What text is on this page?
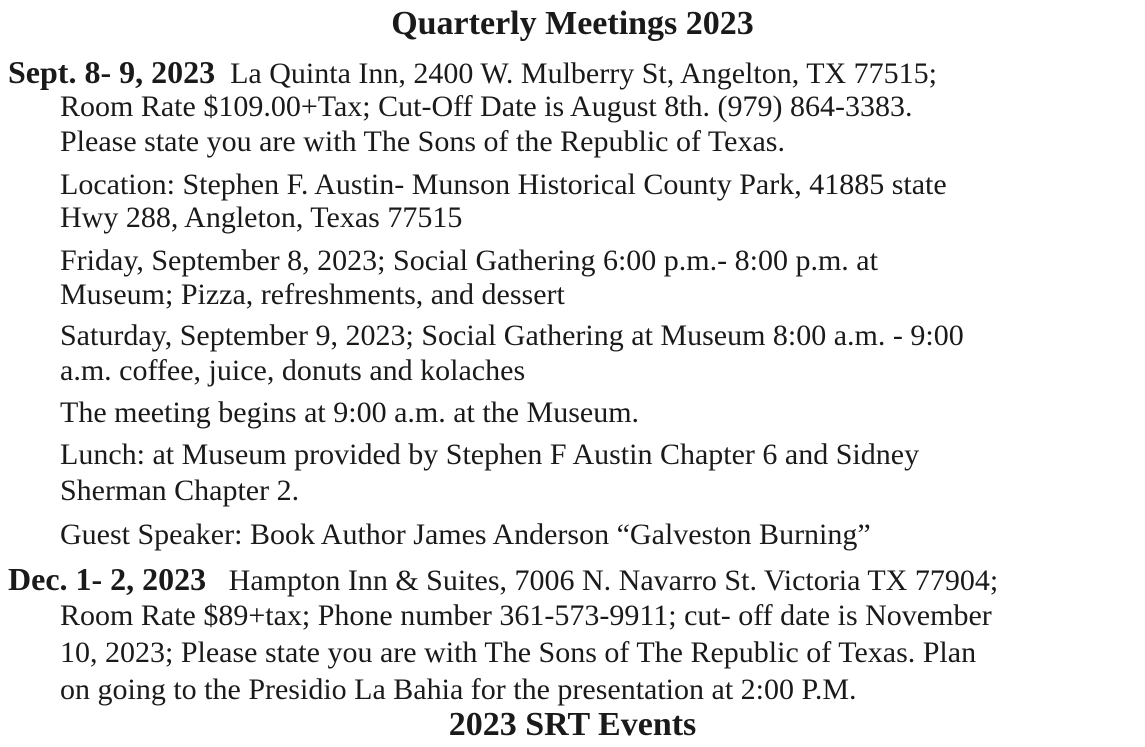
Quarterly Meetings 2023
Sept. 8- 9, 2023 La Quinta Inn, 2400 W. Mulberry St, Angelton, TX 77515;
Room Rate $109.00+Tax; Cut-Off Date is August 8th. (979) 864-3383.
Please state you are with The Sons of the Republic of Texas.
Location: Stephen F. Austin- Munson Historical County Park, 41885 state
Hwy 288, Angleton, Texas 77515
Friday, September 8, 2023; Social Gathering 6:00 p.m.- 8:00 p.m. at
Museum; Pizza, refreshments, and dessert
Saturday, September 9, 2023; Social Gathering at Museum 8:00 a.m. - 9:00
a.m. coffee, juice, donuts and kolaches
The meeting begins at 9:00 a.m. at the Museum.
Lunch: at Museum provided by Stephen F Austin Chapter 6 and Sidney
Sherman Chapter 2.
Guest Speaker: Book Author James Anderson “Galveston Burning”
Dec. 1- 2, 2023 Hampton Inn & Suites, 7006 N. Navarro St. Victoria TX 77904;
Room Rate $89+tax; Phone number 361-573-9911; cut- off date is November
10, 2023; Please state you are with The Sons of The Republic of Texas. Plan
on going to the Presidio La Bahia for the presentation at 2:00 P.M.
2023 SRT Events
